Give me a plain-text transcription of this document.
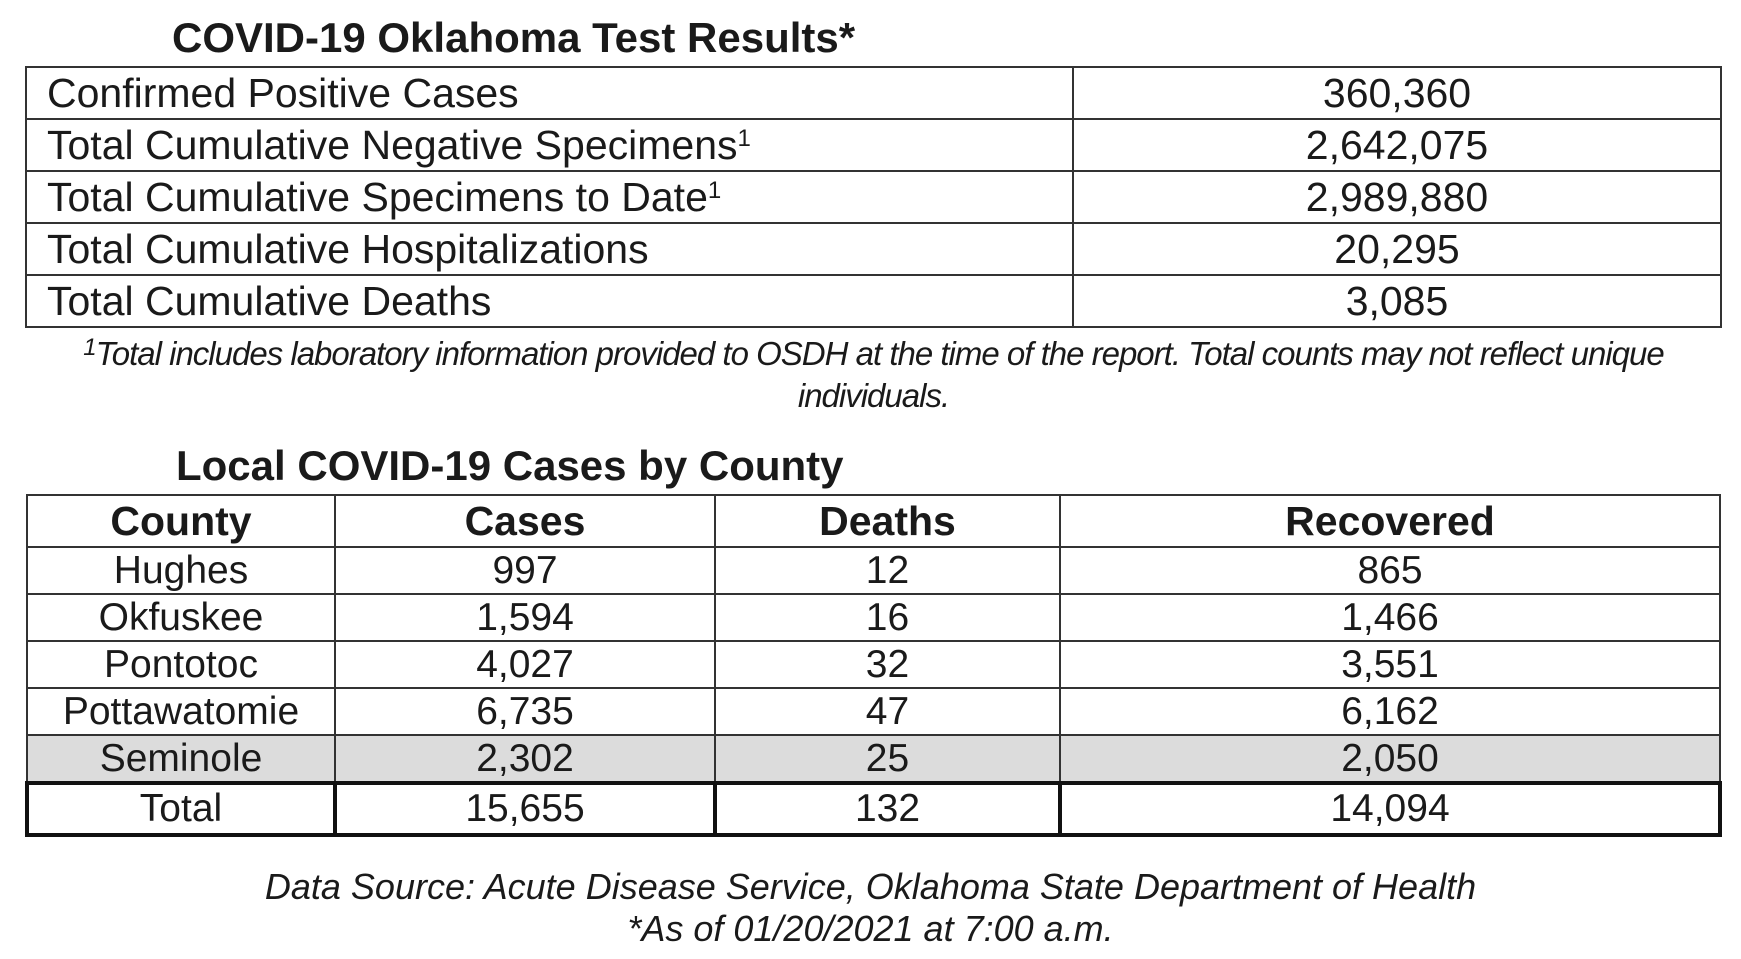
COVID-19 Oklahoma Test Results*
Confirmed Positive Cases	360,360
Total Cumulative Negative Specimens$^1$	2,642,075
Total Cumulative Specimens to Date$^1$	2,989,880
Total Cumulative Hospitalizations	20,295
Total Cumulative Deaths	3,085
$^1$Total includes laboratory information provided to OSDH at the time of the report. Total counts may not reflect unique individuals.
Local COVID-19 Cases by County
County	Cases	Deaths	Recovered
Hughes	997	12	865
Okfuskee	1,594	16	1,466
Pontotoc	4,027	32	3,551
Pottawatomie	6,735	47	6,162
Seminole	2,302	25	2,050
Total	15,655	132	14,094
Data Source: Acute Disease Service, Oklahoma State Department of Health
*As of 01/20/2021 at 7:00 a.m.
